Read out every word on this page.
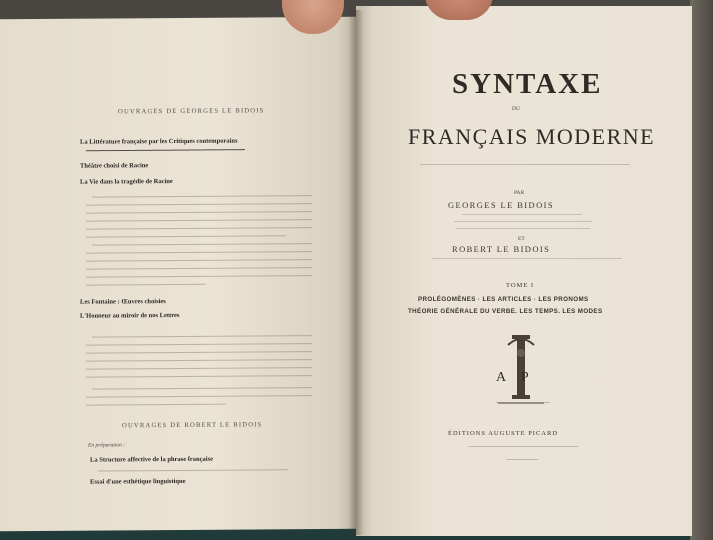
OUVRAGES DE GEORGES LE BIDOIS
La Littérature française par les Critiques contemporains
━━━━━━━━━━━━━━━━━━━━━━━━━━━━━━━━━━━━━━━━━━━━━━━━
Théâtre choisi de Racine
La Vie dans la tragédie de Racine
Les Fontaine : Œuvres choisies
L'Honneur au miroir de nos Lettres
OUVRAGES DE ROBERT LE BIDOIS
En préparation :
La Structure affective de la phrase française
Essai d'une esthétique linguistique
SYNTAXE
DU
FRANÇAIS MODERNE
PAR
GEORGES LE BIDOIS
ET
ROBERT LE BIDOIS
TOME I
PROLÉGOMÈNES · LES ARTICLES · LES PRONOMS
THÉORIE GÉNÉRALE DU VERBE. LES TEMPS. LES MODES
A P
ÉDITIONS AUGUSTE PICARD
